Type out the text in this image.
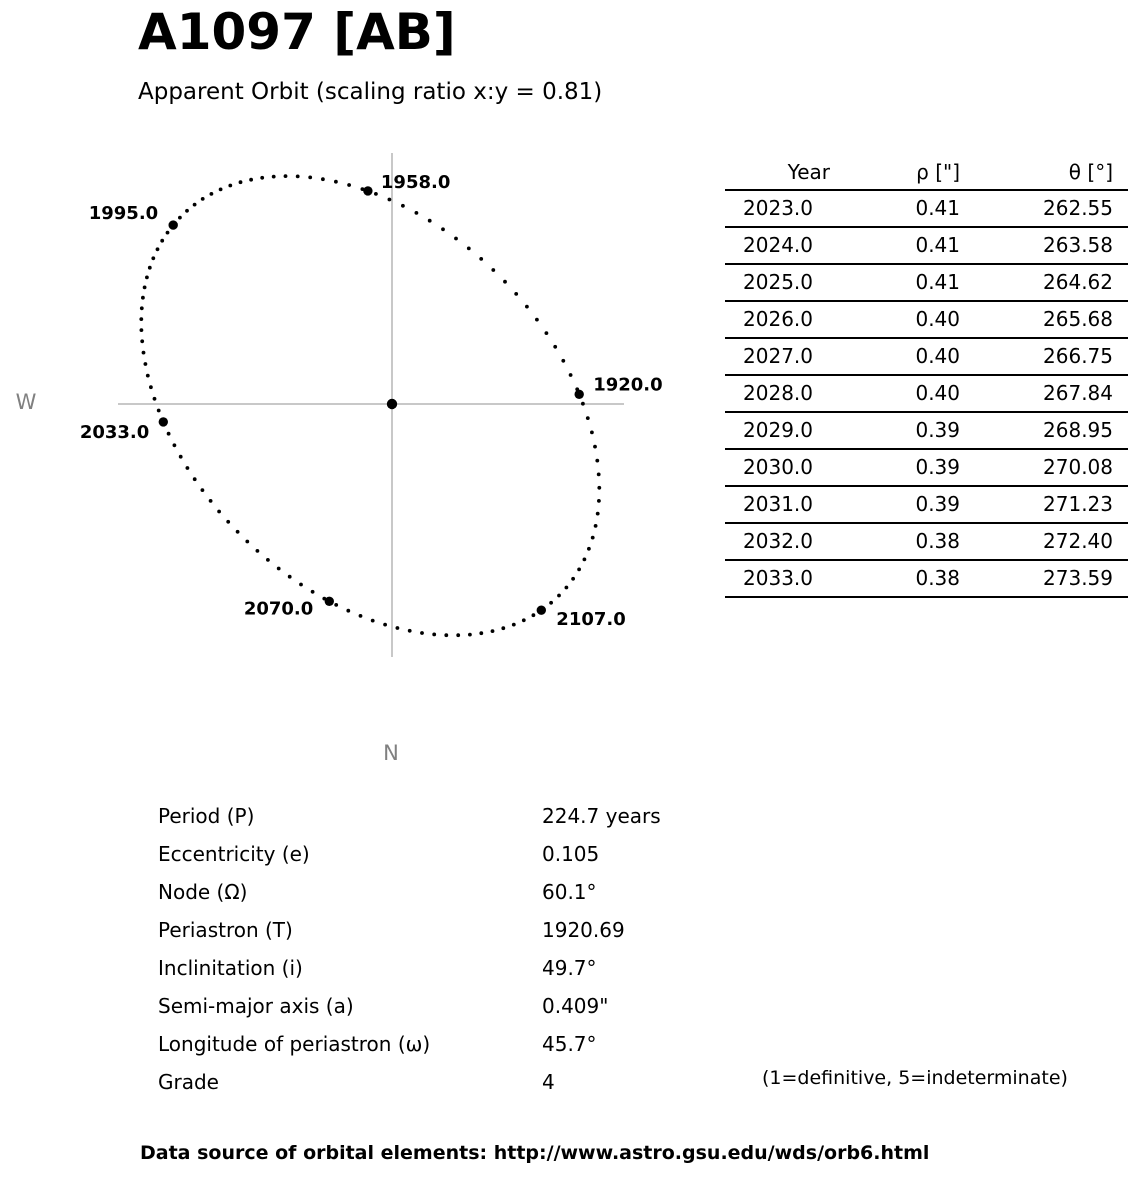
A1097 [AB]
Apparent Orbit (scaling ratio x:y = 0.81)
1920.0
1958.0
1995.0
2033.0
2070.0
2107.0
W
N
Year	ρ ["]	θ [°]
2023.0	0.41	262.55
2024.0	0.41	263.58
2025.0	0.41	264.62
2026.0	0.40	265.68
2027.0	0.40	266.75
2028.0	0.40	267.84
2029.0	0.39	268.95
2030.0	0.39	270.08
2031.0	0.39	271.23
2032.0	0.38	272.40
2033.0	0.38	273.59
Period (P)	224.7 years
Eccentricity (e)	0.105
Node (Ω)	60.1°
Periastron (T)	1920.69
Inclinitation (i)	49.7°
Semi-major axis (a)	0.409"
Longitude of periastron (ω)	45.7°
Grade	4	(1=definitive, 5=indeterminate)
Data source of orbital elements: http://www.astro.gsu.edu/wds/orb6.html
